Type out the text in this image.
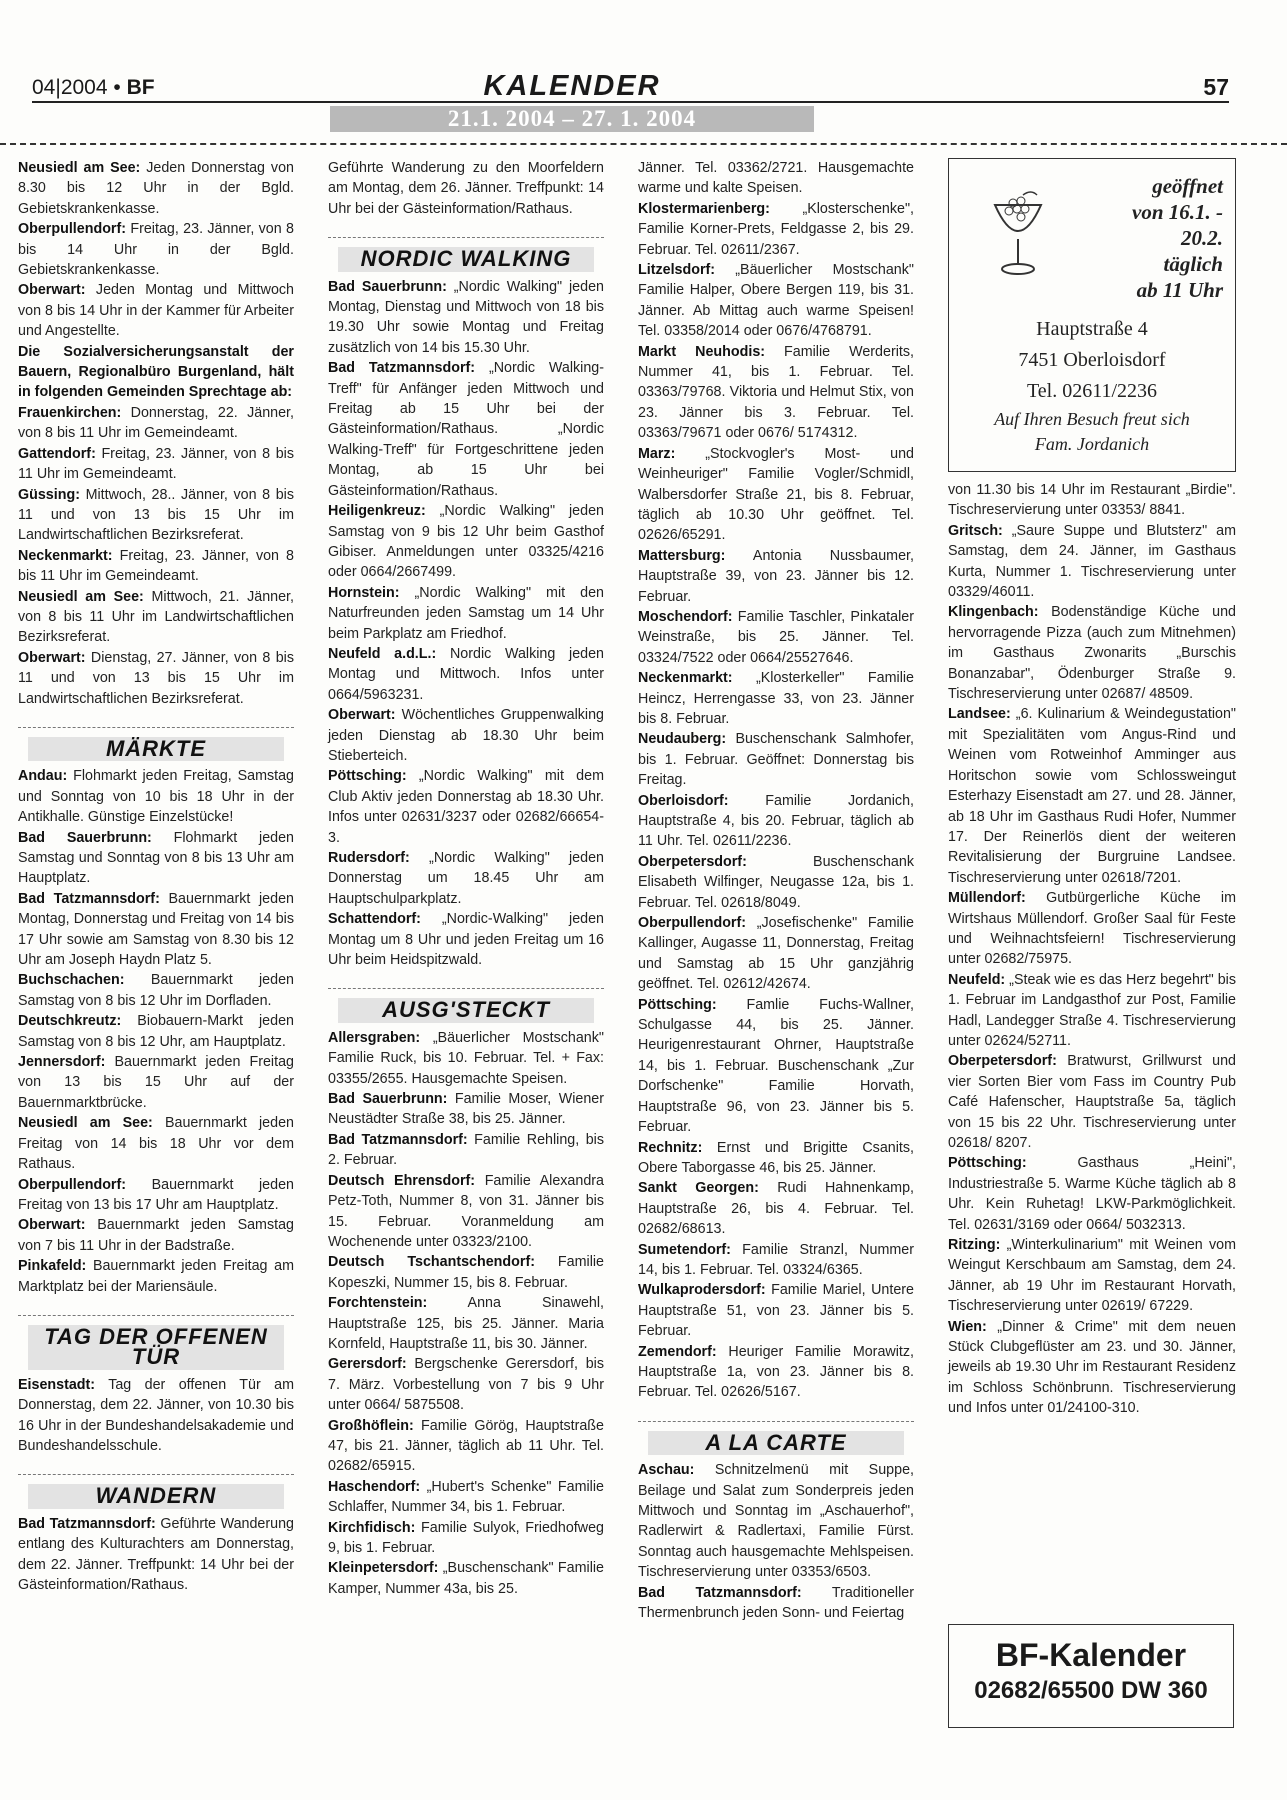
04|2004 • BF	KALENDER
21.1. 2004 – 27. 1. 2004
57

Neusiedl am See: Jeden Donnerstag von 8.30 bis 12 Uhr in der Bgld. Gebietskrankenkasse.

Oberpullendorf: Freitag, 23. Jänner, von 8 bis 14 Uhr in der Bgld. Gebietskrankenkasse.

Oberwart: Jeden Montag und Mittwoch von 8 bis 14 Uhr in der Kammer für Arbeiter und Angestellte.

Die Sozialversicherungsanstalt der Bauern, Regionalbüro Burgenland, hält in folgenden Gemeinden Sprechtage ab:

Frauenkirchen: Donnerstag, 22. Jänner, von 8 bis 11 Uhr im Gemeindeamt.

Gattendorf: Freitag, 23. Jänner, von 8 bis 11 Uhr im Gemeindeamt.

Güssing: Mittwoch, 28.. Jänner, von 8 bis 11 und von 13 bis 15 Uhr im Landwirtschaftlichen Bezirksreferat.

Neckenmarkt: Freitag, 23. Jänner, von 8 bis 11 Uhr im Gemeindeamt.

Neusiedl am See: Mittwoch, 21. Jänner, von 8 bis 11 Uhr im Landwirtschaftlichen Bezirksreferat.

Oberwart: Dienstag, 27. Jänner, von 8 bis 11 und von 13 bis 15 Uhr im Landwirtschaftlichen Bezirksreferat.

MÄRKTE

Andau: Flohmarkt jeden Freitag, Samstag und Sonntag von 10 bis 18 Uhr in der Antikhalle. Günstige Einzelstücke!

Bad Sauerbrunn: Flohmarkt jeden Samstag und Sonntag von 8 bis 13 Uhr am Hauptplatz.

Bad Tatzmannsdorf: Bauernmarkt jeden Montag, Donnerstag und Freitag von 14 bis 17 Uhr sowie am Samstag von 8.30 bis 12 Uhr am Joseph Haydn Platz 5.

Buchschachen: Bauernmarkt jeden Samstag von 8 bis 12 Uhr im Dorfladen.

Deutschkreutz: Biobauern-Markt jeden Samstag von 8 bis 12 Uhr, am Hauptplatz.

Jennersdorf: Bauernmarkt jeden Freitag von 13 bis 15 Uhr auf der Bauernmarktbrücke.

Neusiedl am See: Bauernmarkt jeden Freitag von 14 bis 18 Uhr vor dem Rathaus.

Oberpullendorf: Bauernmarkt jeden Freitag von 13 bis 17 Uhr am Hauptplatz.

Oberwart: Bauernmarkt jeden Samstag von 7 bis 11 Uhr in der Badstraße.

Pinkafeld: Bauernmarkt jeden Freitag am Marktplatz bei der Mariensäule.

TAG DER OFFENEN TÜR

Eisenstadt: Tag der offenen Tür am Donnerstag, dem 22. Jänner, von 10.30 bis 16 Uhr in der Bundeshandelsakademie und Bundeshandelsschule.

WANDERN

Bad Tatzmannsdorf: Geführte Wanderung entlang des Kulturachters am Donnerstag, dem 22. Jänner. Treffpunkt: 14 Uhr bei der Gästeinformation/Rathaus.

Geführte Wanderung zu den Moorfeldern am Montag, dem 26. Jänner. Treffpunkt: 14 Uhr bei der Gästeinformation/Rathaus.

NORDIC WALKING

Bad Sauerbrunn: „Nordic Walking" jeden Montag, Dienstag und Mittwoch von 18 bis 19.30 Uhr sowie Montag und Freitag zusätzlich von 14 bis 15.30 Uhr.

Bad Tatzmannsdorf: „Nordic Walking-Treff" für Anfänger jeden Mittwoch und Freitag ab 15 Uhr bei der Gästeinformation/Rathaus. „Nordic Walking-Treff" für Fortgeschrittene jeden Montag, ab 15 Uhr bei Gästeinformation/Rathaus.

Heiligenkreuz: „Nordic Walking" jeden Samstag von 9 bis 12 Uhr beim Gasthof Gibiser. Anmeldungen unter 03325/4216 oder 0664/2667499.

Hornstein: „Nordic Walking" mit den Naturfreunden jeden Samstag um 14 Uhr beim Parkplatz am Friedhof.

Neufeld a.d.L.: Nordic Walking jeden Montag und Mittwoch. Infos unter 0664/5963231.

Oberwart: Wöchentliches Gruppenwalking jeden Dienstag ab 18.30 Uhr beim Stieberteich.

Pöttsching: „Nordic Walking" mit dem Club Aktiv jeden Donnerstag ab 18.30 Uhr. Infos unter 02631/3237 oder 02682/66654-3.

Rudersdorf: „Nordic Walking" jeden Donnerstag um 18.45 Uhr am Hauptschulparkplatz.

Schattendorf: „Nordic-Walking" jeden Montag um 8 Uhr und jeden Freitag um 16 Uhr beim Heidspitzwald.

AUSG'STECKT

Allersgraben: „Bäuerlicher Mostschank" Familie Ruck, bis 10. Februar. Tel. + Fax: 03355/2655. Hausgemachte Speisen.

Bad Sauerbrunn: Familie Moser, Wiener Neustädter Straße 38, bis 25. Jänner.

Bad Tatzmannsdorf: Familie Rehling, bis 2. Februar.

Deutsch Ehrensdorf: Familie Alexandra Petz-Toth, Nummer 8, von 31. Jänner bis 15. Februar. Voranmeldung am Wochenende unter 03323/2100.

Deutsch Tschantschendorf: Familie Kopeszki, Nummer 15, bis 8. Februar.

Forchtenstein: Anna Sinawehl, Hauptstraße 125, bis 25. Jänner. Maria Kornfeld, Hauptstraße 11, bis 30. Jänner.

Gerersdorf: Bergschenke Gerersdorf, bis 7. März. Vorbestellung von 7 bis 9 Uhr unter 0664/ 5875508.

Großhöflein: Familie Görög, Hauptstraße 47, bis 21. Jänner, täglich ab 11 Uhr. Tel. 02682/65915.

Haschendorf: „Hubert's Schenke" Familie Schlaffer, Nummer 34, bis 1. Februar.

Kirchfidisch: Familie Sulyok, Friedhofweg 9, bis 1. Februar.

Kleinpetersdorf: „Buschenschank" Familie Kamper, Nummer 43a, bis 25.

Jänner. Tel. 03362/2721. Hausgemachte warme und kalte Speisen.

Klostermarienberg: „Klosterschenke", Familie Korner-Prets, Feldgasse 2, bis 29. Februar. Tel. 02611/2367.

Litzelsdorf: „Bäuerlicher Mostschank" Familie Halper, Obere Bergen 119, bis 31. Jänner. Ab Mittag auch warme Speisen! Tel. 03358/2014 oder 0676/4768791.

Markt Neuhodis: Familie Werderits, Nummer 41, bis 1. Februar. Tel. 03363/79768. Viktoria und Helmut Stix, von 23. Jänner bis 3. Februar. Tel. 03363/79671 oder 0676/ 5174312.

Marz: „Stockvogler's Most- und Weinheuriger" Familie Vogler/Schmidl, Walbersdorfer Straße 21, bis 8. Februar, täglich ab 10.30 Uhr geöffnet. Tel. 02626/65291.

Mattersburg: Antonia Nussbaumer, Hauptstraße 39, von 23. Jänner bis 12. Februar.

Moschendorf: Familie Taschler, Pinkataler Weinstraße, bis 25. Jänner. Tel. 03324/7522 oder 0664/25527646.

Neckenmarkt: „Klosterkeller" Familie Heincz, Herrengasse 33, von 23. Jänner bis 8. Februar.

Neudauberg: Buschenschank Salmhofer, bis 1. Februar. Geöffnet: Donnerstag bis Freitag.

Oberloisdorf: Familie Jordanich, Hauptstraße 4, bis 20. Februar, täglich ab 11 Uhr. Tel. 02611/2236.

Oberpetersdorf: Buschenschank Elisabeth Wilfinger, Neugasse 12a, bis 1. Februar. Tel. 02618/8049.

Oberpullendorf: „Josefischenke" Familie Kallinger, Augasse 11, Donnerstag, Freitag und Samstag ab 15 Uhr ganzjährig geöffnet. Tel. 02612/42674.

Pöttsching: Famlie Fuchs-Wallner, Schulgasse 44, bis 25. Jänner. Heurigenrestaurant Ohrner, Hauptstraße 14, bis 1. Februar. Buschenschank „Zur Dorfschenke" Familie Horvath, Hauptstraße 96, von 23. Jänner bis 5. Februar.

Rechnitz: Ernst und Brigitte Csanits, Obere Taborgasse 46, bis 25. Jänner.

Sankt Georgen: Rudi Hahnenkamp, Hauptstraße 26, bis 4. Februar. Tel. 02682/68613.

Sumetendorf: Familie Stranzl, Nummer 14, bis 1. Februar. Tel. 03324/6365.

Wulkaprodersdorf: Familie Mariel, Untere Hauptstraße 51, von 23. Jänner bis 5. Februar.

Zemendorf: Heuriger Familie Morawitz, Hauptstraße 1a, von 23. Jänner bis 8. Februar. Tel. 02626/5167.

A LA CARTE

Aschau: Schnitzelmenü mit Suppe, Beilage und Salat zum Sonderpreis jeden Mittwoch und Sonntag im „Aschauerhof", Radlerwirt & Radlertaxi, Familie Fürst. Sonntag auch hausgemachte Mehlspeisen. Tischreservierung unter 03353/6503.

Bad Tatzmannsdorf: Traditioneller Thermenbrunch jeden Sonn- und Feiertag

geöffnet
von 16.1. -
20.2.
täglich
ab 11 Uhr
Hauptstraße 4
7451 Oberloisdorf
Tel. 02611/2236
Auf Ihren Besuch freut sich
Fam. Jordanich

von 11.30 bis 14 Uhr im Restaurant „Birdie". Tischreservierung unter 03353/ 8841.

Gritsch: „Saure Suppe und Blutsterz" am Samstag, dem 24. Jänner, im Gasthaus Kurta, Nummer 1. Tischreservierung unter 03329/46011.

Klingenbach: Bodenständige Küche und hervorragende Pizza (auch zum Mitnehmen) im Gasthaus Zwonarits „Burschis Bonanzabar", Ödenburger Straße 9. Tischreservierung unter 02687/ 48509.

Landsee: „6. Kulinarium & Weindegustation" mit Spezialitäten vom Angus-Rind und Weinen vom Rotweinhof Amminger aus Horitschon sowie vom Schlossweingut Esterhazy Eisenstadt am 27. und 28. Jänner, ab 18 Uhr im Gasthaus Rudi Hofer, Nummer 17. Der Reinerlös dient der weiteren Revitalisierung der Burgruine Landsee. Tischreservierung unter 02618/7201.

Müllendorf: Gutbürgerliche Küche im Wirtshaus Müllendorf. Großer Saal für Feste und Weihnachtsfeiern! Tischreservierung unter 02682/75975.

Neufeld: „Steak wie es das Herz begehrt" bis 1. Februar im Landgasthof zur Post, Familie Hadl, Landegger Straße 4. Tischreservierung unter 02624/52711.

Oberpetersdorf: Bratwurst, Grillwurst und vier Sorten Bier vom Fass im Country Pub Café Hafenscher, Hauptstraße 5a, täglich von 15 bis 22 Uhr. Tischreservierung unter 02618/ 8207.

Pöttsching: Gasthaus „Heini", Industriestraße 5. Warme Küche täglich ab 8 Uhr. Kein Ruhetag! LKW-Parkmöglichkeit. Tel. 02631/3169 oder 0664/ 5032313.

Ritzing: „Winterkulinarium" mit Weinen vom Weingut Kerschbaum am Samstag, dem 24. Jänner, ab 19 Uhr im Restaurant Horvath, Tischreservierung unter 02619/ 67229.

Wien: „Dinner & Crime" mit dem neuen Stück Clubgeflüster am 23. und 30. Jänner, jeweils ab 19.30 Uhr im Restaurant Residenz im Schloss Schönbrunn. Tischreservierung und Infos unter 01/24100-310.

BF-Kalender
02682/65500 DW 360
